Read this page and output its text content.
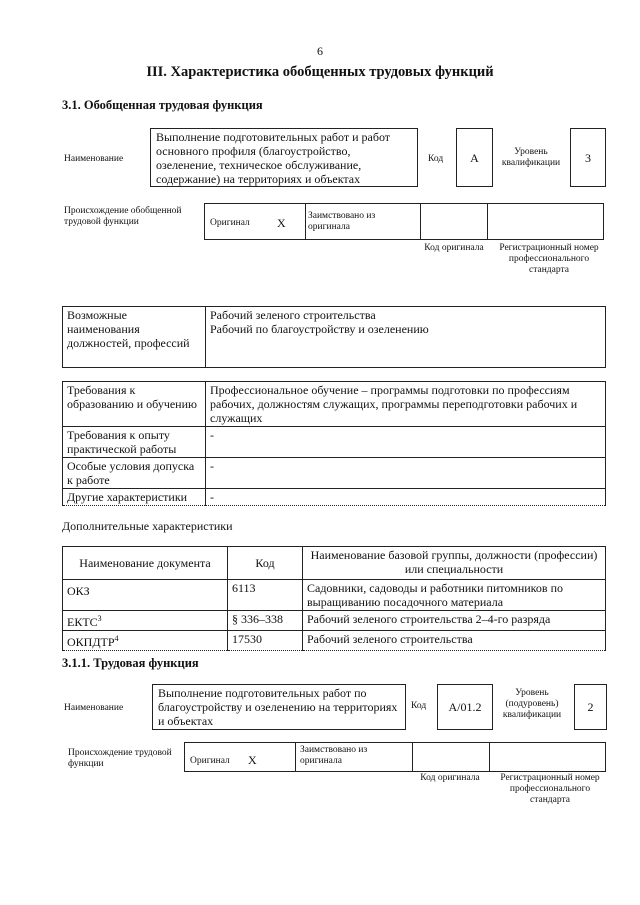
6
III. Характеристика обобщенных трудовых функций
3.1. Обобщенная трудовая функция
Наименование
Выполнение подготовительных работ и работ основного профиля (благоустройство, озеленение, техническое обслуживание, содержание) на территориях и объектах
Код	A	Уровень квалификации	3
Происхождение обобщенной трудовой функции	Оригинал X Заимствовано из оригинала
Код оригинала	Регистрационный номер профессионального стандарта
Возможные наименования должностей, профессий	
Рабочий зеленого строительства
Рабочий по благоустройству и озеленению
Требования к образованию и обучению	Профессиональное обучение – программы подготовки по профессиям рабочих, должностям служащих, программы переподготовки рабочих и служащих
Требования к опыту практической работы	-
Особые условия допуска к работе	-
Другие характеристики	-
Дополнительные характеристики
Наименование документа	Код	Наименование базовой группы, должности (профессии) или специальности
ОКЗ	6113	Садовники, садоводы и работники питомников по выращиванию посадочного материала
ЕКТС$^3$	§ 336–338	Рабочий зеленого строительства 2–4-го разряда
ОКПДТР$^4$	17530	Рабочий зеленого строительства
3.1.1. Трудовая функция
Наименование
Выполнение подготовительных работ по благоустройству и озеленению на территориях и объектах
Код	A/01.2
Уровень (подуровень) квалификации
2
Происхождение трудовой функции	Оригинал X
Заимствовано из оригинала
Код оригинала	Регистрационный номер профессионального стандарта
